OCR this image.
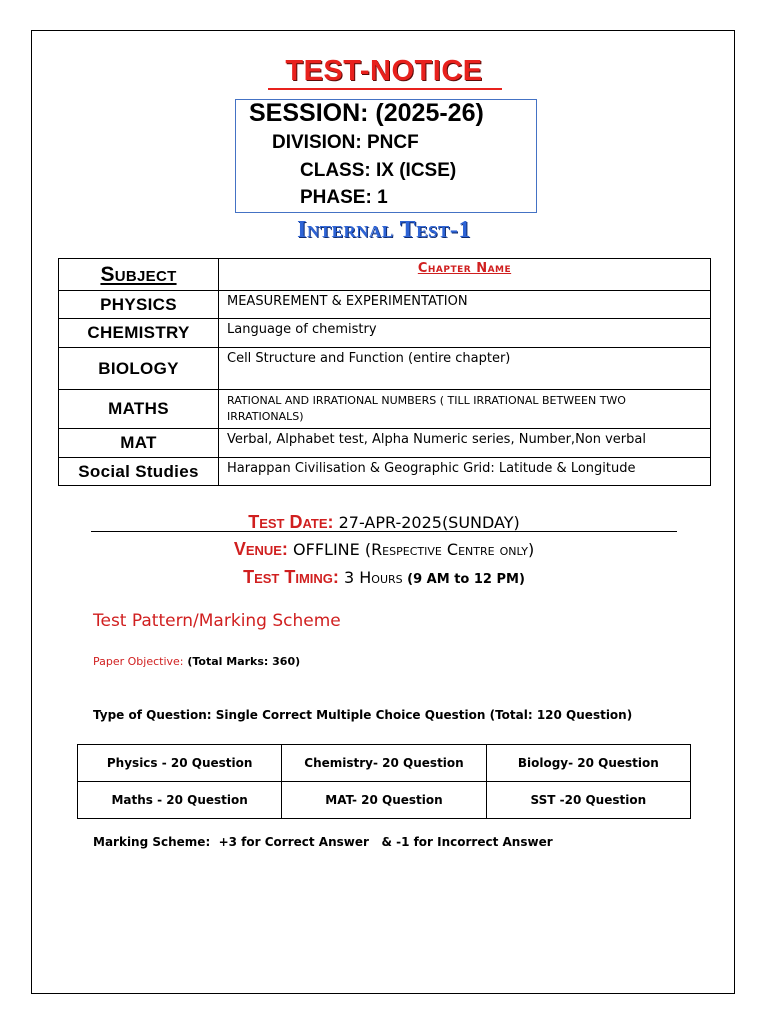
TEST-NOTICE
SESSION: (2025-26)
DIVISION: PNCF
CLASS: IX (ICSE)
PHASE: 1
Internal Test-1
Subject	Chapter Name
PHYSICS	MEASUREMENT & EXPERIMENTATION
CHEMISTRY	Language of chemistry
BIOLOGY	Cell Structure and Function (entire chapter)
MATHS	RATIONAL AND IRRATIONAL NUMBERS ( TILL IRRATIONAL BETWEEN TWO IRRATIONALS)
MAT	Verbal, Alphabet test, Alpha Numeric series, Number,Non verbal
Social Studies	Harappan Civilisation & Geographic Grid: Latitude & Longitude
Test Date: 27-APR-2025(SUNDAY)
Venue: OFFLINE (Respective Centre only)
Test Timing: 3 Hours (9 AM to 12 PM)
Test Pattern/Marking Scheme
Paper Objective: (Total Marks: 360)
Type of Question: Single Correct Multiple Choice Question (Total: 120 Question)
Physics - 20 Question	Chemistry- 20 Question	Biology- 20 Question
Maths - 20 Question	MAT- 20 Question	SST -20 Question
Marking Scheme:  +3 for Correct Answer   & -1 for Incorrect Answer
